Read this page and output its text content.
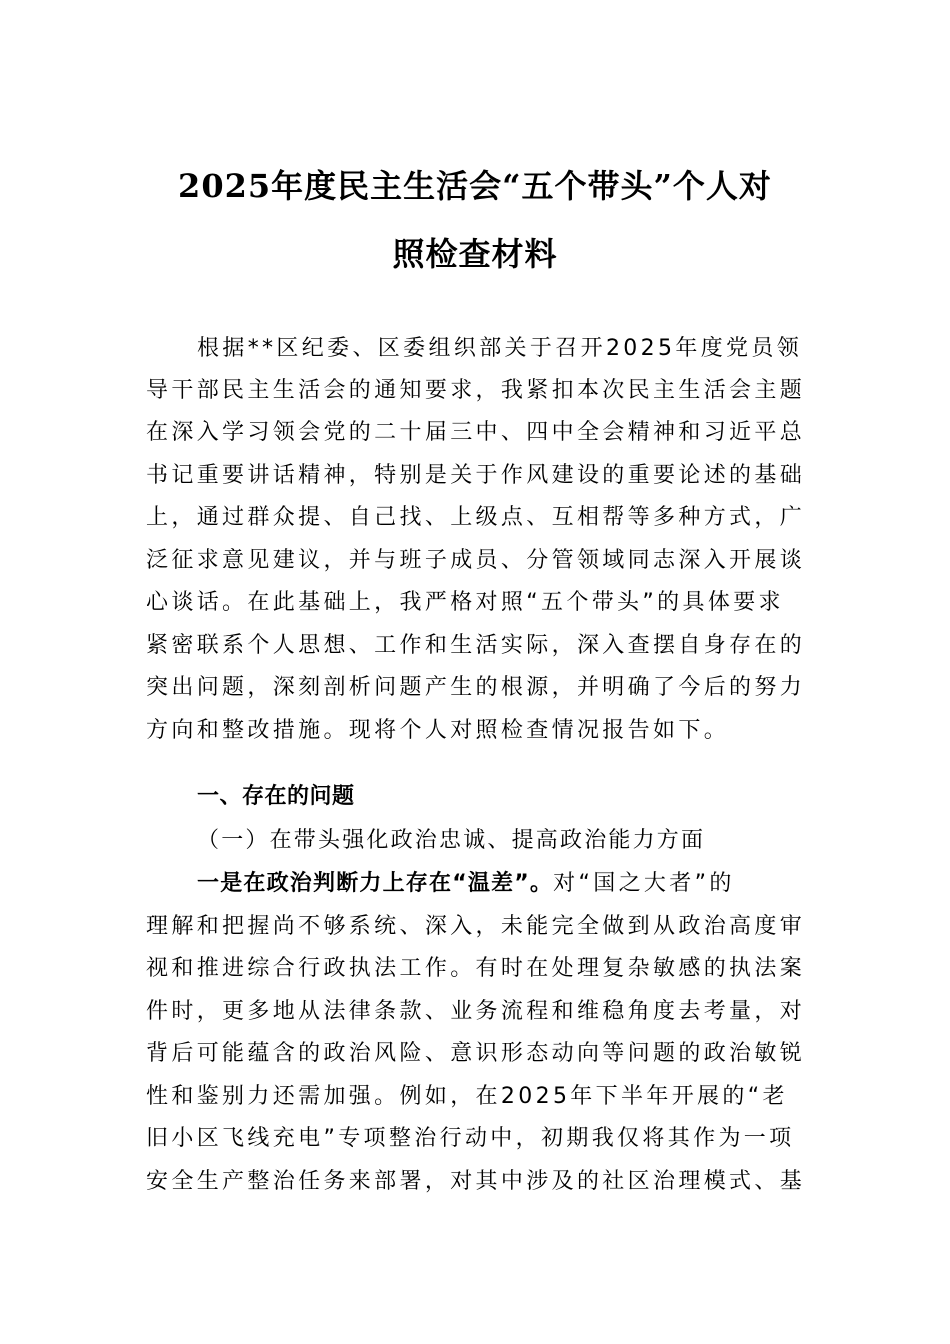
2025年度民主生活会“五个带头”个人对
照检查材料
根据**区纪委、区委组织部关于召开2025年度党员领
导干部民主生活会的通知要求，我紧扣本次民主生活会主题
在深入学习领会党的二十届三中、四中全会精神和习近平总
书记重要讲话精神，特别是关于作风建设的重要论述的基础
上，通过群众提、自己找、上级点、互相帮等多种方式，广
泛征求意见建议，并与班子成员、分管领域同志深入开展谈
心谈话。在此基础上，我严格对照“五个带头”的具体要求
紧密联系个人思想、工作和生活实际，深入查摆自身存在的
突出问题，深刻剖析问题产生的根源，并明确了今后的努力
方向和整改措施。现将个人对照检查情况报告如下。
一、存在的问题
（一）在带头强化政治忠诚、提高政治能力方面
一是在政治判断力上存在“温差”。对“国之大者”的
理解和把握尚不够系统、深入，未能完全做到从政治高度审
视和推进综合行政执法工作。有时在处理复杂敏感的执法案
件时，更多地从法律条款、业务流程和维稳角度去考量，对
背后可能蕴含的政治风险、意识形态动向等问题的政治敏锐
性和鉴别力还需加强。例如，在2025年下半年开展的“老
旧小区飞线充电”专项整治行动中，初期我仅将其作为一项
安全生产整治任务来部署，对其中涉及的社区治理模式、基
